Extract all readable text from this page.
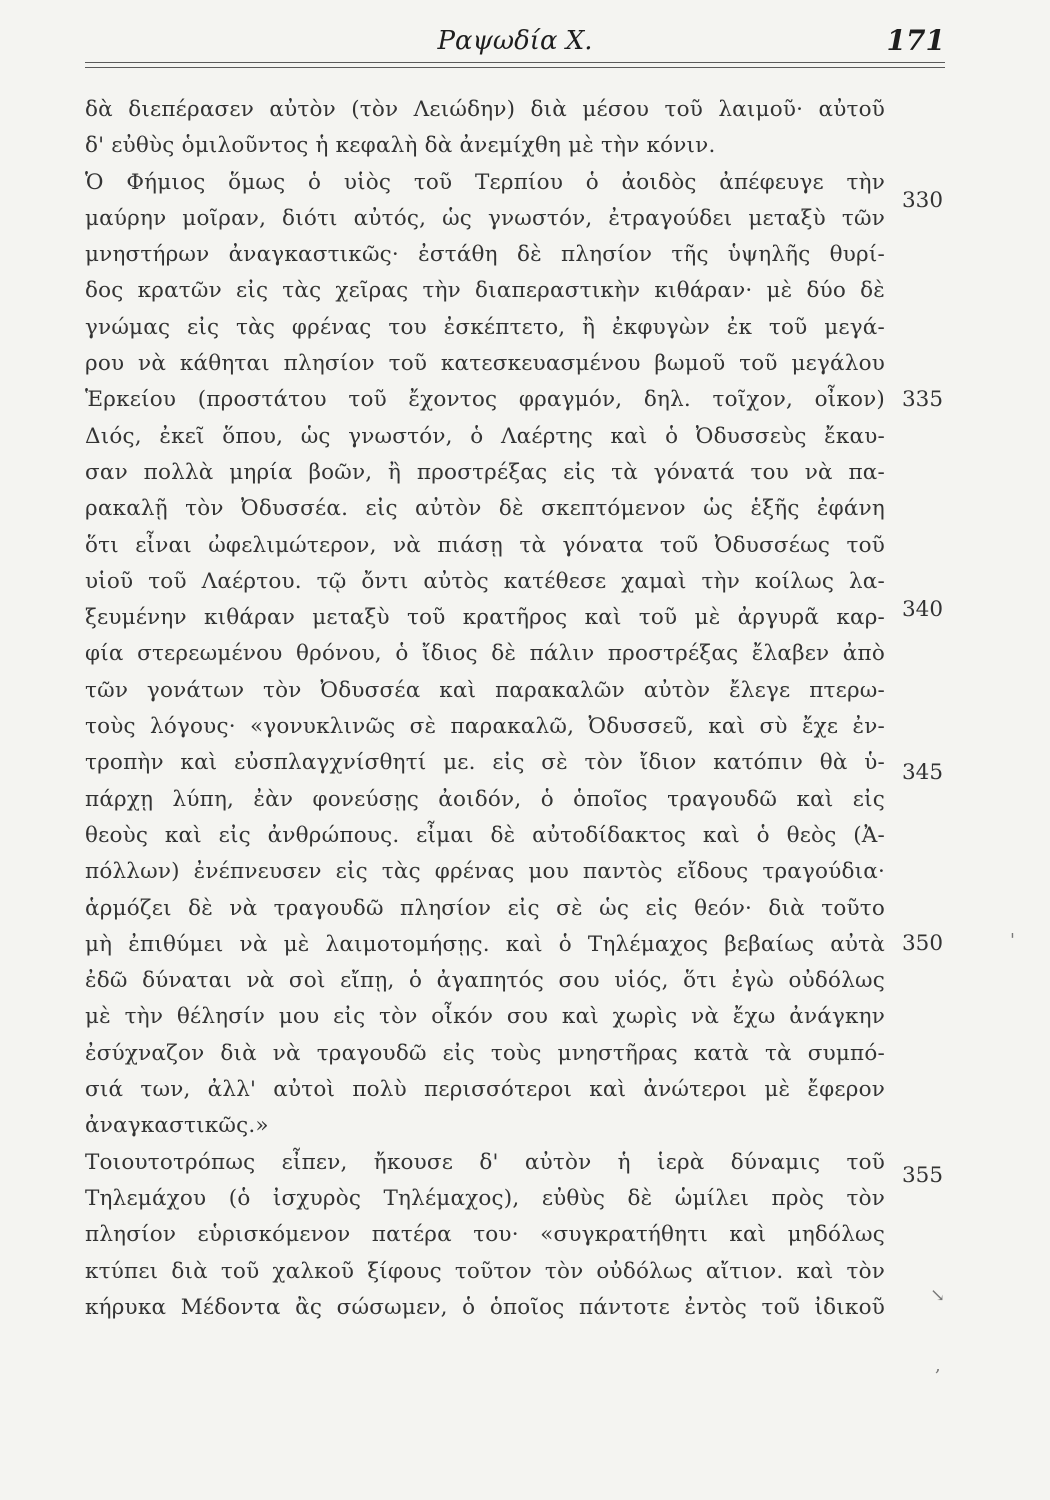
Ραψωδία Χ.	171
δὰ διεπέρασεν αὐτὸν (τὸν Λειώδην) διὰ μέσου τοῦ λαιμοῦ· αὐτοῦ
δ' εὐθὺς ὁμιλοῦντος ἡ κεφαλὴ δὰ ἀνεμίχθη μὲ τὴν κόνιν.
Ὁ Φήμιος ὅμως ὁ υἱὸς τοῦ Τερπίου ὁ ἀοιδὸς ἀπέφευγε τὴν
μαύρην μοῖραν, διότι αὐτός, ὡς γνωστόν, ἐτραγούδει μεταξὺ τῶν
μνηστήρων ἀναγκαστικῶς· ἐστάθη δὲ πλησίον τῆς ὑψηλῆς θυρί-
δος κρατῶν εἰς τὰς χεῖρας τὴν διαπεραστικὴν κιθάραν· μὲ δύο δὲ
γνώμας εἰς τὰς φρένας του ἐσκέπτετο, ἢ ἐκφυγὼν ἐκ τοῦ μεγά-
ρου νὰ κάθηται πλησίον τοῦ κατεσκευασμένου βωμοῦ τοῦ μεγάλου
Ἑρκείου (προστάτου τοῦ ἔχοντος φραγμόν, δηλ. τοῖχον, οἶκον)
Διός, ἐκεῖ ὅπου, ὡς γνωστόν, ὁ Λαέρτης καὶ ὁ Ὀδυσσεὺς ἔκαυ-
σαν πολλὰ μηρία βοῶν, ἢ προστρέξας εἰς τὰ γόνατά του νὰ πα-
ρακαλῇ τὸν Ὀδυσσέα. εἰς αὐτὸν δὲ σκεπτόμενον ὡς ἑξῆς ἐφάνη
ὅτι εἶναι ὠφελιμώτερον, νὰ πιάσῃ τὰ γόνατα τοῦ Ὀδυσσέως τοῦ
υἱοῦ τοῦ Λαέρτου. τῷ ὄντι αὐτὸς κατέθεσε χαμαὶ τὴν κοίλως λα-
ξευμένην κιθάραν μεταξὺ τοῦ κρατῆρος καὶ τοῦ μὲ ἀργυρᾶ καρ-
φία στερεωμένου θρόνου, ὁ ἴδιος δὲ πάλιν προστρέξας ἔλαβεν ἀπὸ
τῶν γονάτων τὸν Ὀδυσσέα καὶ παρακαλῶν αὐτὸν ἔλεγε πτερω-
τοὺς λόγους· «γονυκλινῶς σὲ παρακαλῶ, Ὀδυσσεῦ, καὶ σὺ ἔχε ἐν-
τροπὴν καὶ εὐσπλαγχνίσθητί με. εἰς σὲ τὸν ἴδιον κατόπιν θὰ ὑ-
πάρχῃ λύπη, ἐὰν φονεύσῃς ἀοιδόν, ὁ ὁποῖος τραγουδῶ καὶ εἰς
θεοὺς καὶ εἰς ἀνθρώπους. εἶμαι δὲ αὐτοδίδακτος καὶ ὁ θεὸς (Ἀ-
πόλλων) ἐνέπνευσεν εἰς τὰς φρένας μου παντὸς εἴδους τραγούδια·
ἁρμόζει δὲ νὰ τραγουδῶ πλησίον εἰς σὲ ὡς εἰς θεόν· διὰ τοῦτο
μὴ ἐπιθύμει νὰ μὲ λαιμοτομήσῃς. καὶ ὁ Τηλέμαχος βεβαίως αὐτὰ
ἐδῶ δύναται νὰ σοὶ εἴπῃ, ὁ ἀγαπητός σου υἱός, ὅτι ἐγὼ οὐδόλως
μὲ τὴν θέλησίν μου εἰς τὸν οἶκόν σου καὶ χωρὶς νὰ ἔχω ἀνάγκην
ἐσύχναζον διὰ νὰ τραγουδῶ εἰς τοὺς μνηστῆρας κατὰ τὰ συμπό-
σιά των, ἀλλ' αὐτοὶ πολὺ περισσότεροι καὶ ἀνώτεροι μὲ ἔφερον
ἀναγκαστικῶς.»
Τοιουτοτρόπως εἶπεν, ἤκουσε δ' αὐτὸν ἡ ἱερὰ δύναμις τοῦ
Τηλεμάχου (ὁ ἰσχυρὸς Τηλέμαχος), εὐθὺς δὲ ὡμίλει πρὸς τὸν
πλησίον εὑρισκόμενον πατέρα του· «συγκρατήθητι καὶ μηδόλως
κτύπει διὰ τοῦ χαλκοῦ ξίφους τοῦτον τὸν οὐδόλως αἴτιον. καὶ τὸν
κήρυκα Μέδοντα ἂς σώσωμεν, ὁ ὁποῖος πάντοτε ἐντὸς τοῦ ἰδικοῦ
330
335
340
345
350
355
'
↘
,
